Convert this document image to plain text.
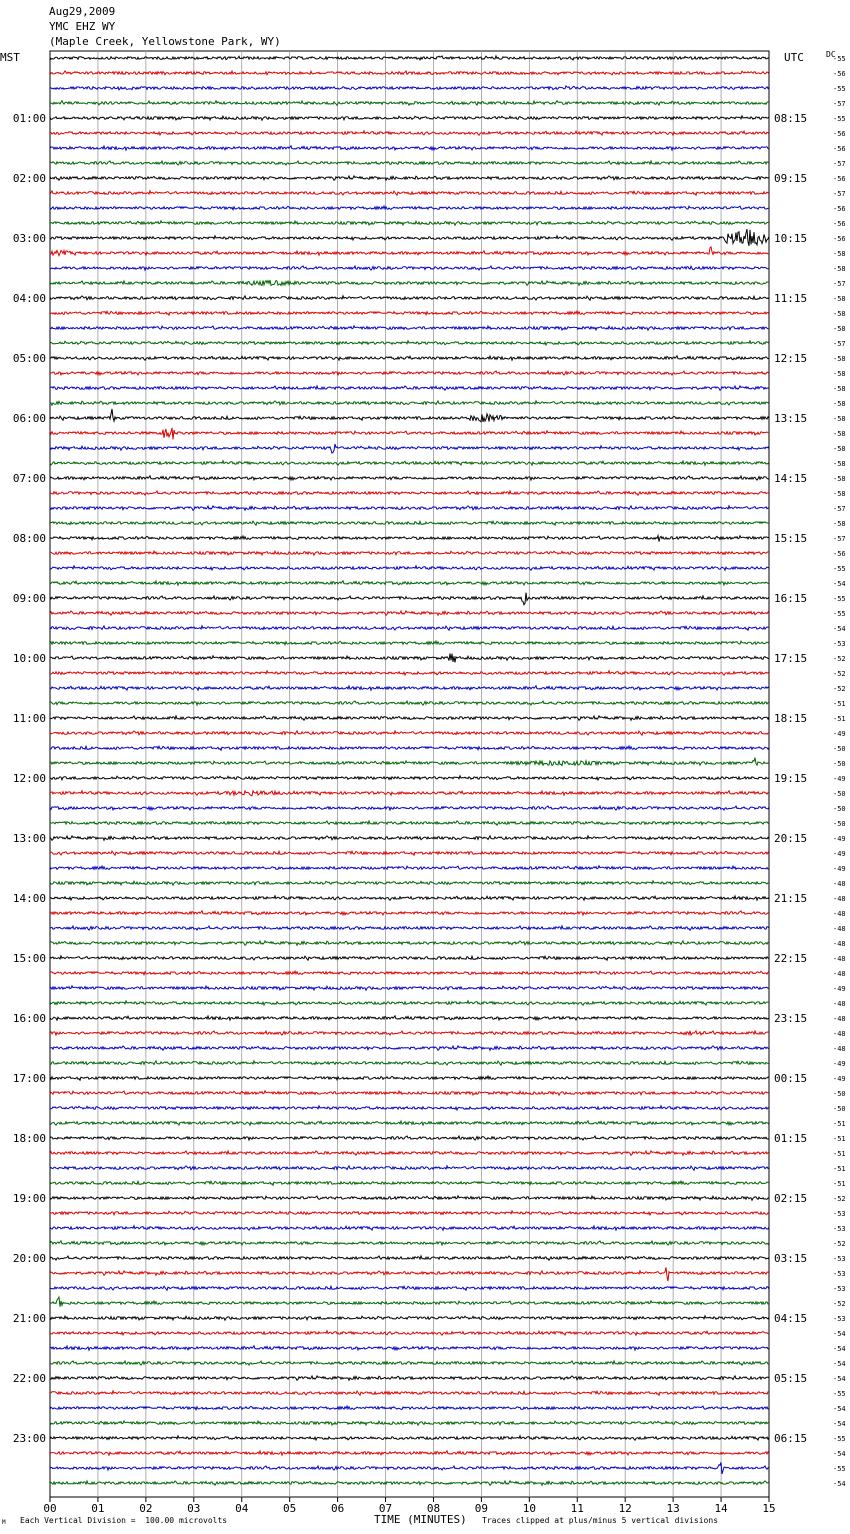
Aug29,2009
YMC EHZ WY
(Maple Creek, Yellowstone Park, WY)
MST	UTC	DC
-55
-56
-55
-57
-55
-56
-56
-57
-56
-57
-56
-56
-56
-58
-58
-57
-58
-58
-58
-57
-58
-58
-58
-58
-58
-58
-58
-58
-58
-58
-57
-58
-57
-56
-55
-54
-55
-55
-54
-53
-52
-52
-52
-51
-51
-49
-50
-50
-49
-50
-50
-50
-49
-49
-49
-48
-48
-48
-48
-48
-48
-48
-49
-48
-48
-48
-48
-49
-49
-50
-50
-51
-51
-51
-51
-51
-52
-53
-53
-52
-53
-53
-53
-52
-53
-54
-54
-54
-54
-55
-54
-54
-55
-54
-55
-54
01:00	08:15
02:00	09:15
03:00	10:15
04:00	11:15
05:00	12:15
06:00	13:15
07:00	14:15
08:00	15:15
09:00	16:15
10:00	17:15
11:00	18:15
12:00	19:15
13:00	20:15
14:00	21:15
15:00	22:15
16:00	23:15
17:00	00:15
18:00	01:15
19:00	02:15
20:00	03:15
21:00	04:15
22:00	05:15
23:00	06:15
00	01	02	03	04	05	06	07	08	09	10	11	12	13	14	15
TIME (MINUTES)
Each Vertical Division =  100.00 microvolts	Traces clipped at plus/minus 5 vertical divisions
M
